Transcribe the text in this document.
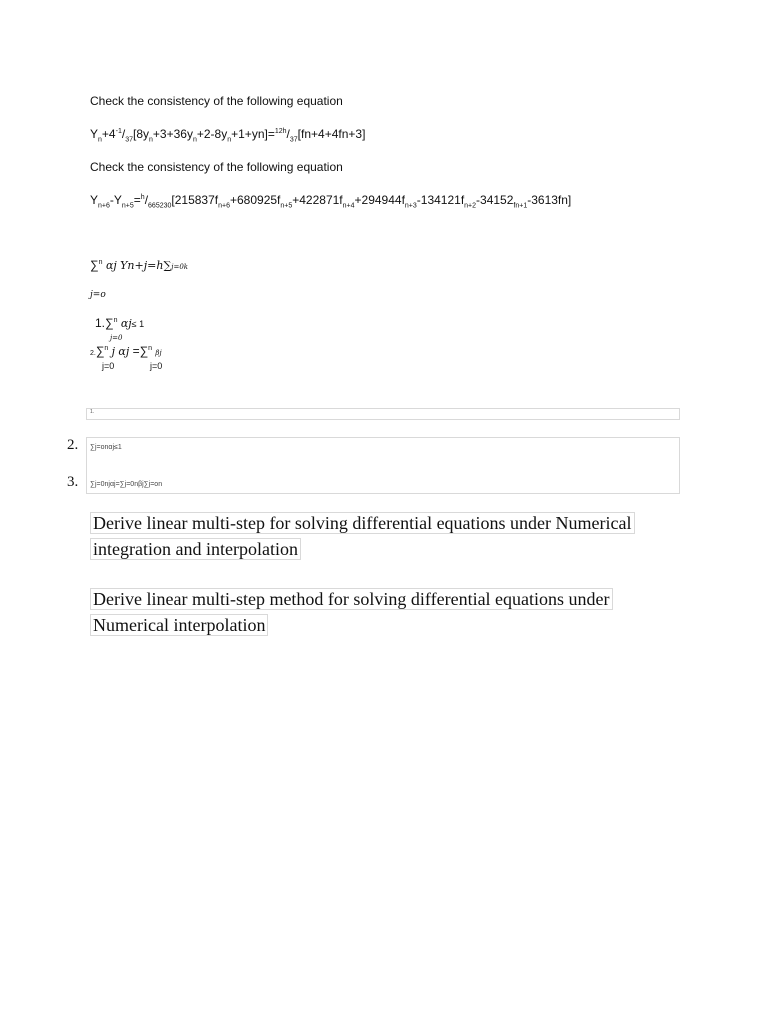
Check the consistency of the following equation
$Y_n+4^{-1}/_{37}[8y_n+3+36y_n+2-8y_n+1+yn]=^{12h}/_{37}[fn+4+4fn+3]$
Check the consistency of the following equation
$Y_{n+6}-Y_{n+5}=^h/_{665230}[215837f_{n+6}+680925f_{n+5}+422871f_{n+4}+294944f_{n+3}-134121f_{n+2}-34152_{fn+1}-3613fn]$
∑$^n$ αj Yn+j=h∑j=0k
j=o
1.∑$^n$ αj≤ 1
j=0
2.∑$^n$ j αj =∑$^n$ βj
j=0	j=0
1.
2. ∑j=onαj≤1
3. ∑j=0njαj=∑j=0nβj∑j=on
Derive linear multi-step for solving differential equations under Numerical
integration and interpolation
Derive linear multi-step method for solving differential equations under
Numerical interpolation
